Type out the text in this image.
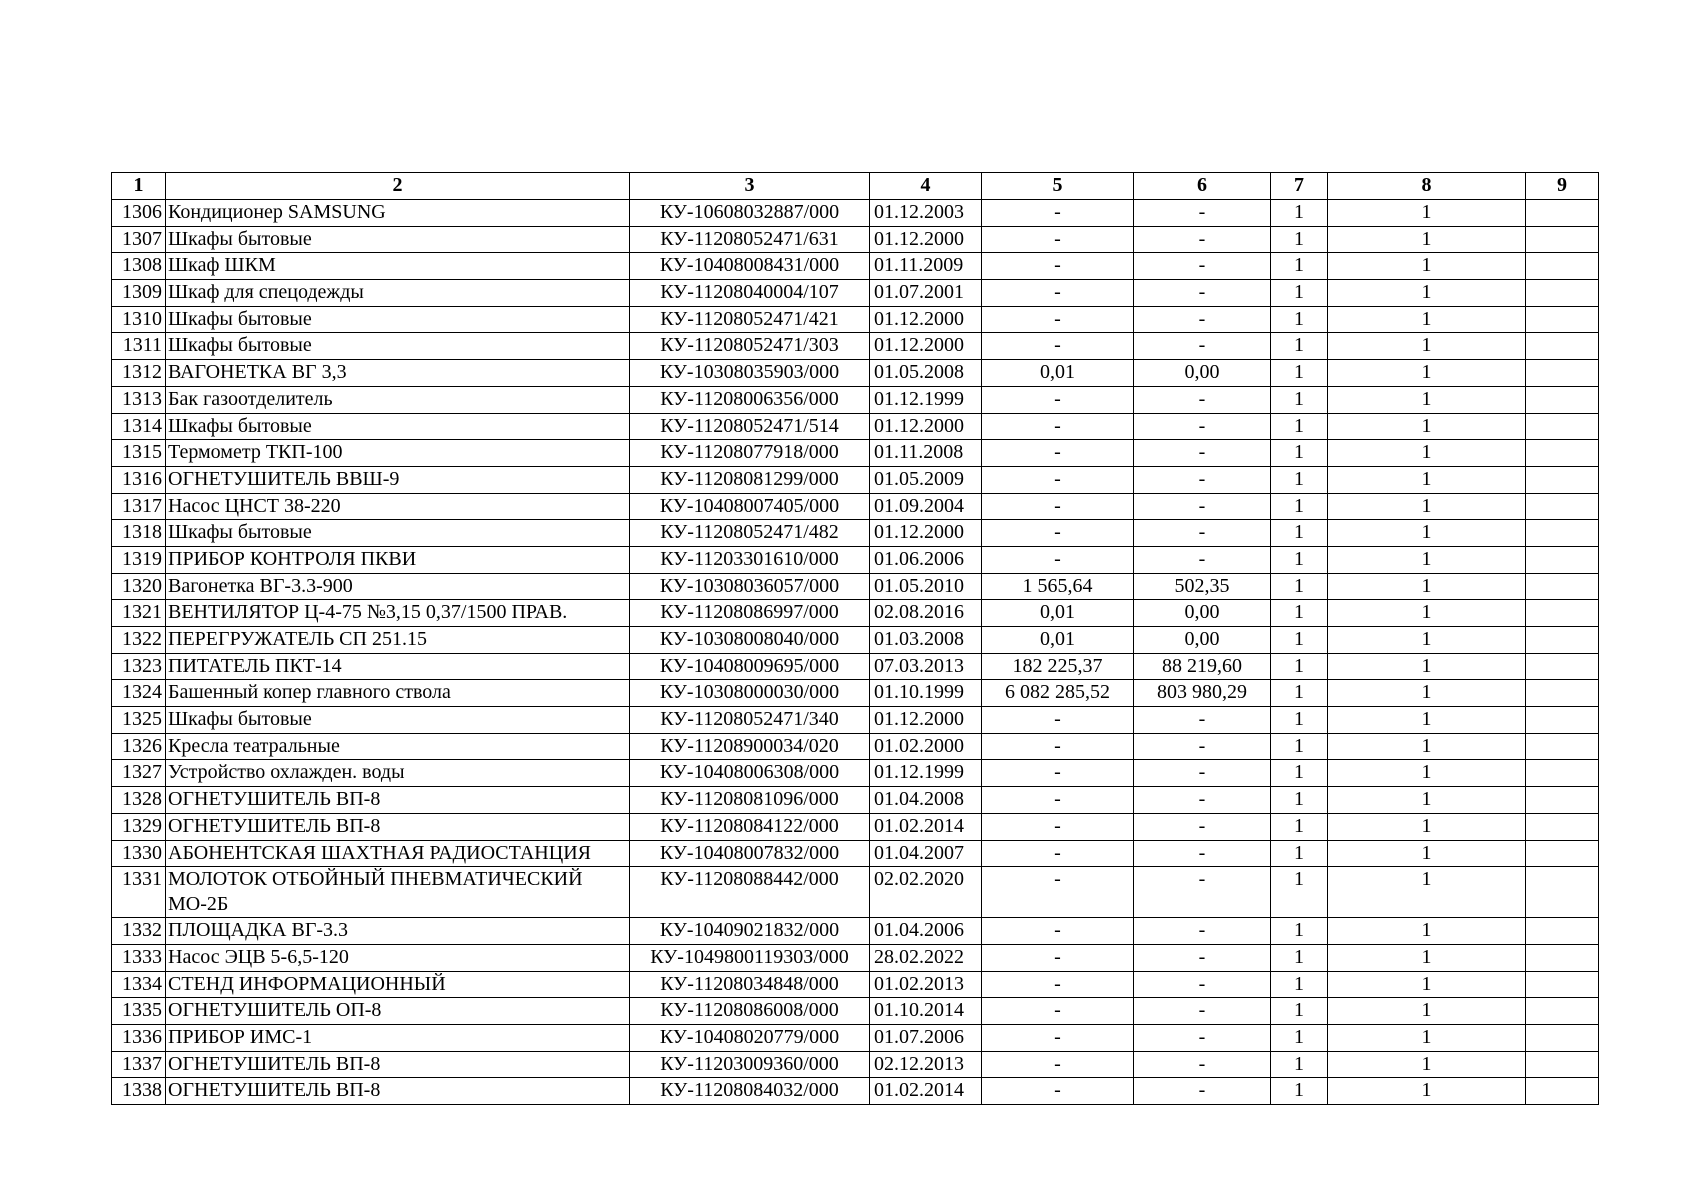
1	2	3	4	5	6	7	8	9
1306	Кондиционер SAMSUNG	КУ-10608032887/000	01.12.2003	-	-	1	1	
1307	Шкафы бытовые	КУ-11208052471/631	01.12.2000	-	-	1	1	
1308	Шкаф ШКМ	КУ-10408008431/000	01.11.2009	-	-	1	1	
1309	Шкаф для спецодежды	КУ-11208040004/107	01.07.2001	-	-	1	1	
1310	Шкафы бытовые	КУ-11208052471/421	01.12.2000	-	-	1	1	
1311	Шкафы бытовые	КУ-11208052471/303	01.12.2000	-	-	1	1	
1312	ВАГОНЕТКА ВГ 3,3	КУ-10308035903/000	01.05.2008	0,01	0,00	1	1	
1313	Бак газоотделитель	КУ-11208006356/000	01.12.1999	-	-	1	1	
1314	Шкафы бытовые	КУ-11208052471/514	01.12.2000	-	-	1	1	
1315	Термометр ТКП-100	КУ-11208077918/000	01.11.2008	-	-	1	1	
1316	ОГНЕТУШИТЕЛЬ ВВШ-9	КУ-11208081299/000	01.05.2009	-	-	1	1	
1317	Насос ЦНСТ 38-220	КУ-10408007405/000	01.09.2004	-	-	1	1	
1318	Шкафы бытовые	КУ-11208052471/482	01.12.2000	-	-	1	1	
1319	ПРИБОР КОНТРОЛЯ ПКВИ	КУ-11203301610/000	01.06.2006	-	-	1	1	
1320	Вагонетка ВГ-3.3-900	КУ-10308036057/000	01.05.2010	1 565,64	502,35	1	1	
1321	ВЕНТИЛЯТОР Ц-4-75 №3,15 0,37/1500 ПРАВ.	КУ-11208086997/000	02.08.2016	0,01	0,00	1	1	
1322	ПЕРЕГРУЖАТЕЛЬ СП 251.15	КУ-10308008040/000	01.03.2008	0,01	0,00	1	1	
1323	ПИТАТЕЛЬ ПКТ-14	КУ-10408009695/000	07.03.2013	182 225,37	88 219,60	1	1	
1324	Башенный копер главного ствола	КУ-10308000030/000	01.10.1999	6 082 285,52	803 980,29	1	1	
1325	Шкафы бытовые	КУ-11208052471/340	01.12.2000	-	-	1	1	
1326	Кресла театральные	КУ-11208900034/020	01.02.2000	-	-	1	1	
1327	Устройство охлажден. воды	КУ-10408006308/000	01.12.1999	-	-	1	1	
1328	ОГНЕТУШИТЕЛЬ ВП-8	КУ-11208081096/000	01.04.2008	-	-	1	1	
1329	ОГНЕТУШИТЕЛЬ ВП-8	КУ-11208084122/000	01.02.2014	-	-	1	1	
1330	АБОНЕНТСКАЯ ШАХТНАЯ РАДИОСТАНЦИЯ	КУ-10408007832/000	01.04.2007	-	-	1	1	
1331	МОЛОТОК ОТБОЙНЫЙ ПНЕВМАТИЧЕСКИЙ МО-2Б	КУ-11208088442/000	02.02.2020	-	-	1	1	
1332	ПЛОЩАДКА ВГ-3.3	КУ-10409021832/000	01.04.2006	-	-	1	1	
1333	Насос ЭЦВ 5-6,5-120	КУ-104980011930З/000	28.02.2022	-	-	1	1	
1334	СТЕНД ИНФОРМАЦИОННЫЙ	КУ-11208034848/000	01.02.2013	-	-	1	1	
1335	ОГНЕТУШИТЕЛЬ ОП-8	КУ-11208086008/000	01.10.2014	-	-	1	1	
1336	ПРИБОР ИМС-1	КУ-10408020779/000	01.07.2006	-	-	1	1	
1337	ОГНЕТУШИТЕЛЬ ВП-8	КУ-11203009360/000	02.12.2013	-	-	1	1	
1338	ОГНЕТУШИТЕЛЬ ВП-8	КУ-11208084032/000	01.02.2014	-	-	1	1	
